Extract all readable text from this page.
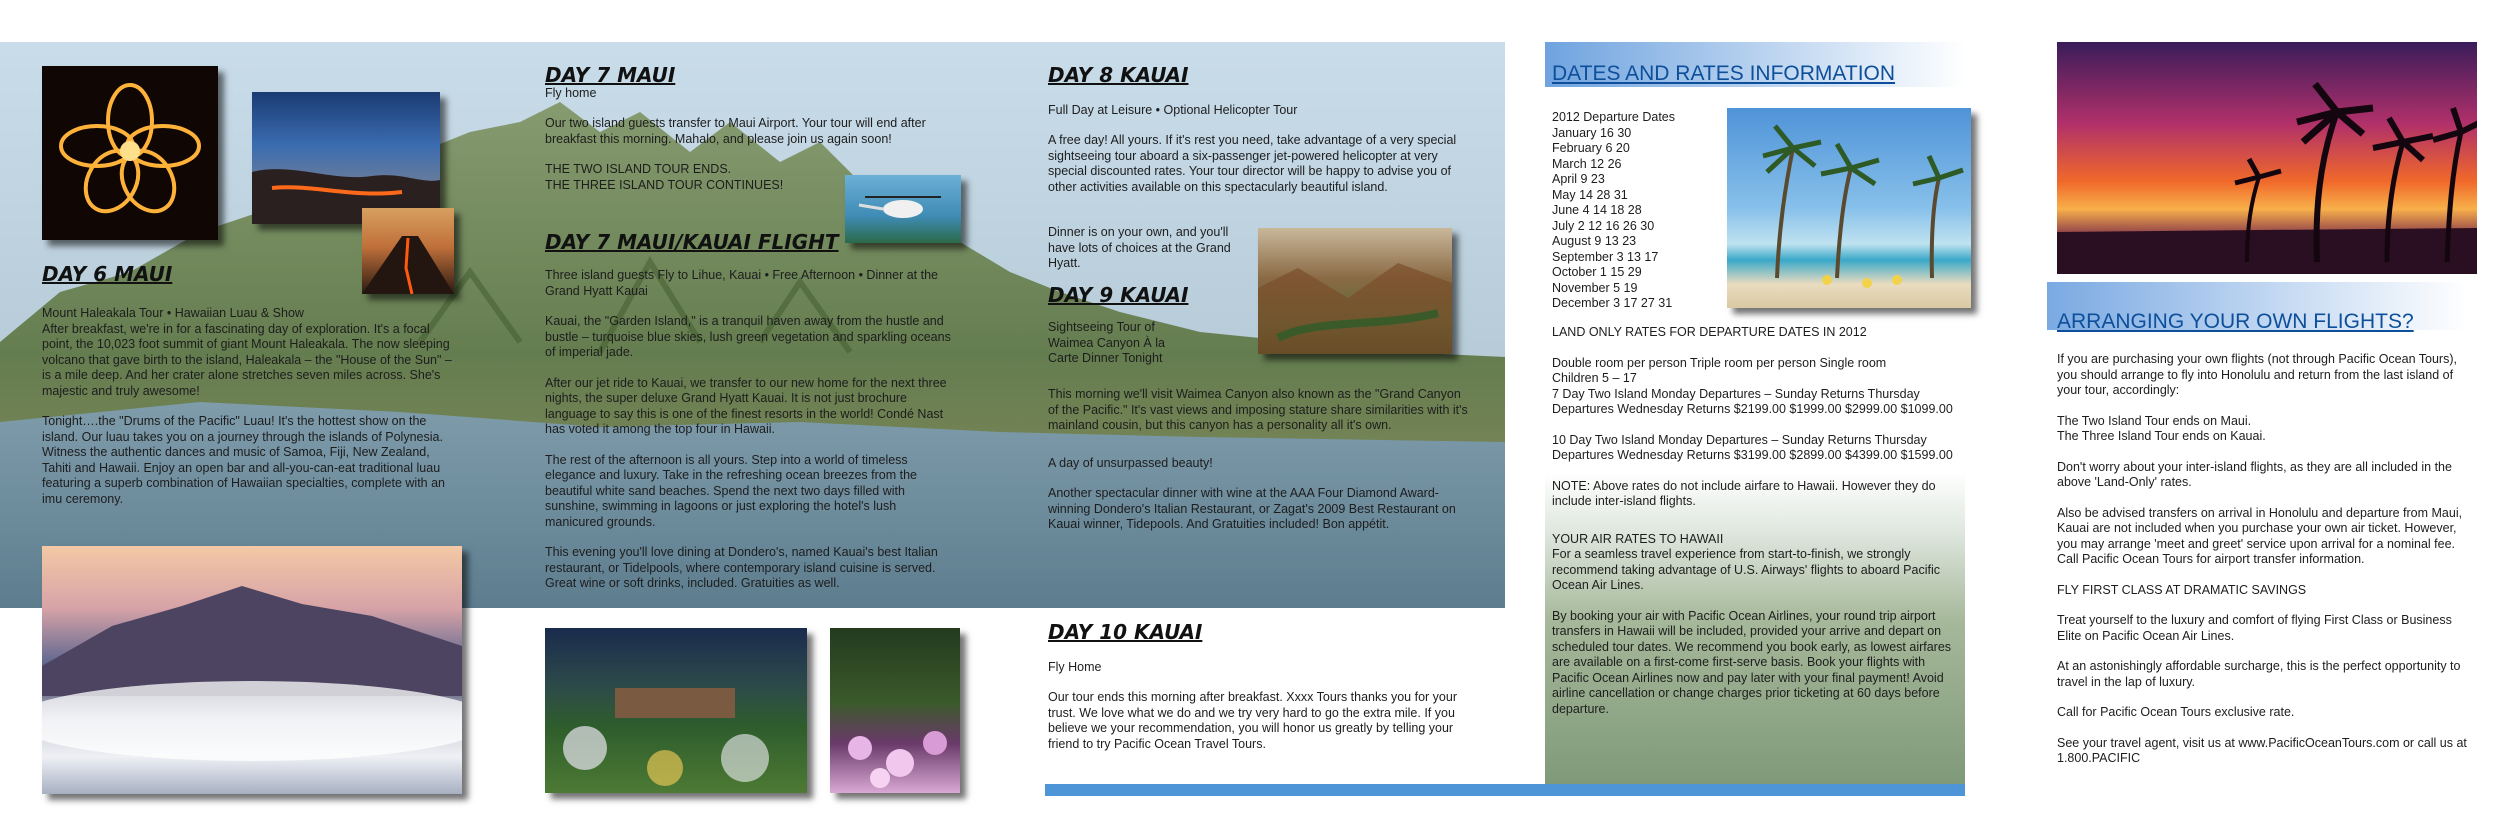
DAY 6 MAUI
Mount Haleakala Tour • Hawaiian Luau & Show

After breakfast, we're in for a fascinating day of exploration. It's a focal point, the 10,023 foot summit of giant Mount Haleakala. The now sleeping volcano that gave birth to the island, Haleakala – the "House of the Sun" – is a mile deep. And her crater alone stretches seven miles across. She's majestic and truly awesome!

Tonight….the "Drums of the Pacific" Luau! It's the hottest show on the island. Our luau takes you on a journey through the islands of Polynesia. Witness the authentic dances and music of Samoa, Fiji, New Zealand, Tahiti and Hawaii. Enjoy an open bar and all-you-can-eat traditional luau featuring a superb combination of Hawaiian specialties, complete with an imu ceremony.

DAY 7 MAUI
Fly home

Our two island guests transfer to Maui Airport. Your tour will end after breakfast this morning. Mahalo, and please join us again soon!

THE TWO ISLAND TOUR ENDS.
THE THREE ISLAND TOUR CONTINUES!
DAY 7 MAUI/KAUAI FLIGHT

Three island guests Fly to Lihue, Kauai • Free Afternoon • Dinner at the Grand Hyatt Kauai

Kauai, the "Garden Island," is a tranquil haven away from the hustle and bustle – turquoise blue skies, lush green vegetation and sparkling oceans of imperial jade.

After our jet ride to Kauai, we transfer to our new home for the next three nights, the super deluxe Grand Hyatt Kauai. It is not just brochure language to say this is one of the finest resorts in the world! Condé Nast has voted it among the top four in Hawaii.

The rest of the afternoon is all yours. Step into a world of timeless elegance and luxury. Take in the refreshing ocean breezes from the beautiful white sand beaches. Spend the next two days filled with sunshine, swimming in lagoons or just exploring the hotel's lush manicured grounds.

This evening you'll love dining at Dondero's, named Kauai's best Italian restaurant, or Tidelpools, where contemporary island cuisine is served. Great wine or soft drinks, included. Gratuities as well.

DAY 8 KAUAI
Full Day at Leisure • Optional Helicopter Tour

A free day! All yours. If it's rest you need, take advantage of a very special sightseeing tour aboard a six-passenger jet-powered helicopter at very special discounted rates. Your tour director will be happy to advise you of other activities available on this spectacularly beautiful island.

Dinner is on your own, and you'll have lots of choices at the Grand Hyatt.
DAY 9 KAUAI
Sightseeing Tour of
Waimea Canyon À la
Carte Dinner Tonight

This morning we'll visit Waimea Canyon also known as the "Grand Canyon of the Pacific." It's vast views and imposing stature share similarities with it's mainland cousin, but this canyon has a personality all it's own.

A day of unsurpassed beauty!

Another spectacular dinner with wine at the AAA Four Diamond Award-winning Dondero's Italian Restaurant, or Zagat's 2009 Best Restaurant on Kauai winner, Tidepools. And Gratuities included! Bon appétit.

DAY 10 KAUAI
Fly Home
Our tour ends this morning after breakfast. Xxxx Tours thanks you for your trust. We love what we do and we try very hard to go the extra mile. If you believe we your recommendation, you will honor us greatly by telling your friend to try Pacific Ocean Travel Tours.
DATES AND RATES INFORMATION
2012 Departure Dates
January 16 30
February 6 20
March 12 26
April 9 23
May 14 28 31
June 4 14 18 28
July 2 12 16 26 30
August 9 13 23
September 3 13 17
October 1 15 29
November 5 19
December 3 17 27 31

LAND ONLY RATES FOR DEPARTURE DATES IN 2012

Double room per person Triple room per person Single room
Children 5 – 17

7 Day Two Island Monday Departures – Sunday Returns Thursday Departures Wednesday Returns $2199.00 $1999.00 $2999.00 $1099.00

10 Day Two Island Monday Departures – Sunday Returns Thursday Departures Wednesday Returns $3199.00 $2899.00 $4399.00 $1599.00

NOTE: Above rates do not include airfare to Hawaii. However they do include inter-island flights.

YOUR AIR RATES TO HAWAII

For a seamless travel experience from start-to-finish, we strongly recommend taking advantage of U.S. Airways' flights to aboard Pacific Ocean Air Lines.

By booking your air with Pacific Ocean Airlines, your round trip airport transfers in Hawaii will be included, provided your arrive and depart on scheduled tour dates. We recommend you book early, as lowest airfares are available on a first-come first-serve basis. Book your flights with Pacific Ocean Airlines now and pay later with your final payment! Avoid airline cancellation or change charges prior ticketing at 60 days before departure.

ARRANGING YOUR OWN FLIGHTS?

If you are purchasing your own flights (not through Pacific Ocean Tours), you should arrange to fly into Honolulu and return from the last island of your tour, accordingly:

The Two Island Tour ends on Maui.

The Three Island Tour ends on Kauai.

Don't worry about your inter-island flights, as they are all included in the above 'Land-Only' rates.

Also be advised transfers on arrival in Honolulu and departure from Maui, Kauai are not included when you purchase your own air ticket. However, you may arrange 'meet and greet' service upon arrival for a nominal fee. Call Pacific Ocean Tours for airport transfer information.

FLY FIRST CLASS AT DRAMATIC SAVINGS

Treat yourself to the luxury and comfort of flying First Class or Business Elite on Pacific Ocean Air Lines.

At an astonishingly affordable surcharge, this is the perfect opportunity to travel in the lap of luxury.

Call for Pacific Ocean Tours exclusive rate.

See your travel agent, visit us at www.PacificOceanTours.com or call us at 1.800.PACIFIC
